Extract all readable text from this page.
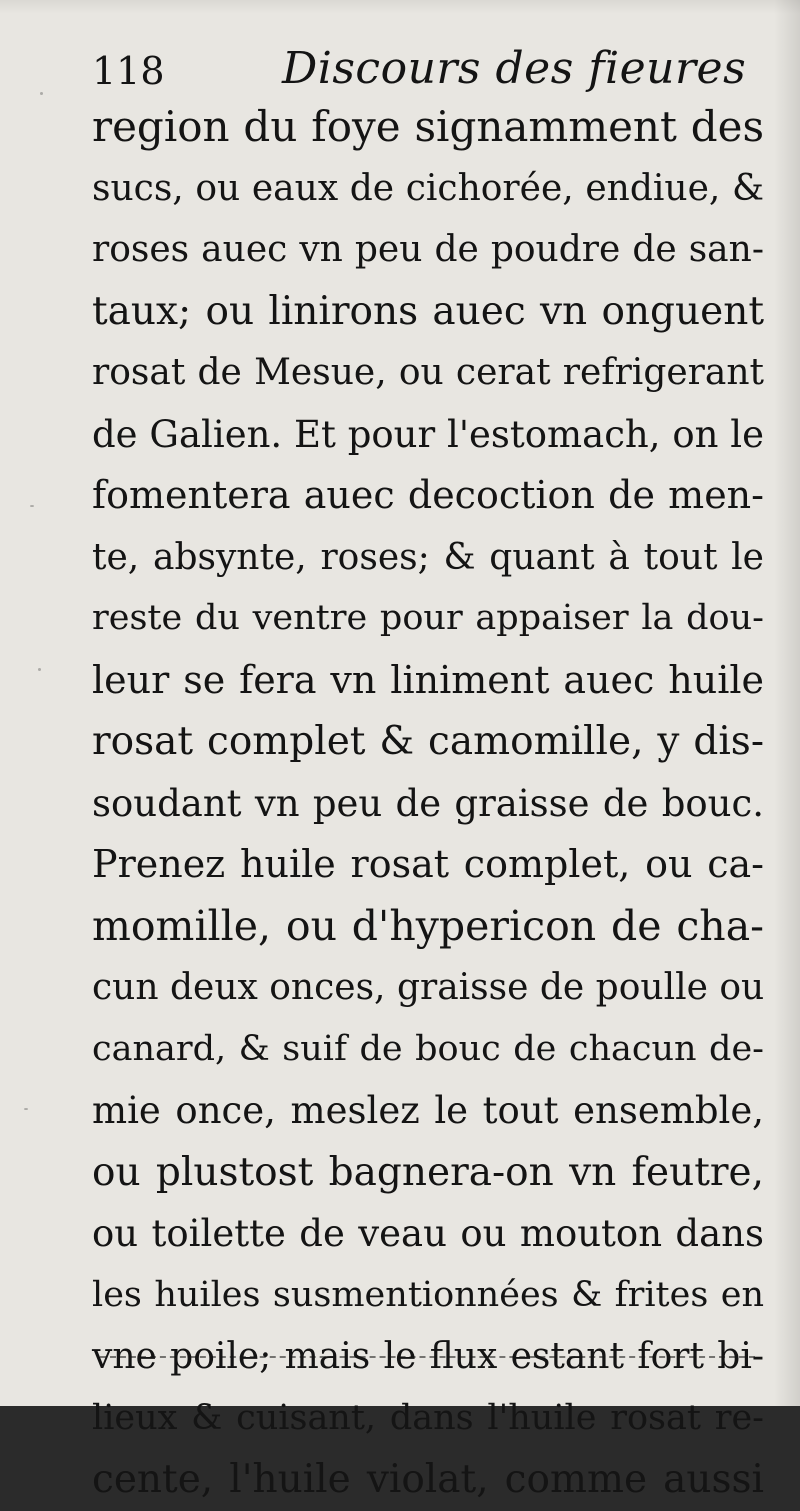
118	Discours des fieures
region du foye signamment des
sucs, ou eaux de cichorée, endiue, &
roses auec vn peu de poudre de san-
taux; ou linirons auec vn onguent
rosat de Mesue, ou cerat refrigerant
de Galien. Et pour l'estomach, on le
fomentera auec decoction de men-
te, absynte, roses; & quant à tout le
reste du ventre pour appaiser la dou-
leur se fera vn liniment auec huile
rosat complet & camomille, y dis-
soudant vn peu de graisse de bouc.
Prenez huile rosat complet, ou ca-
momille, ou d'hypericon de cha-
cun deux onces, graisse de poulle ou
canard, & suif de bouc de chacun de-
mie once, meslez le tout ensemble,
ou plustost bagnera-on vn feutre,
ou toilette de veau ou mouton dans
les huiles susmentionnées & frites en
vne poile; mais le flux estant fort bi-
lieux & cuisant, dans l'huile rosat re-
cente, l'huile violat, comme aussi
